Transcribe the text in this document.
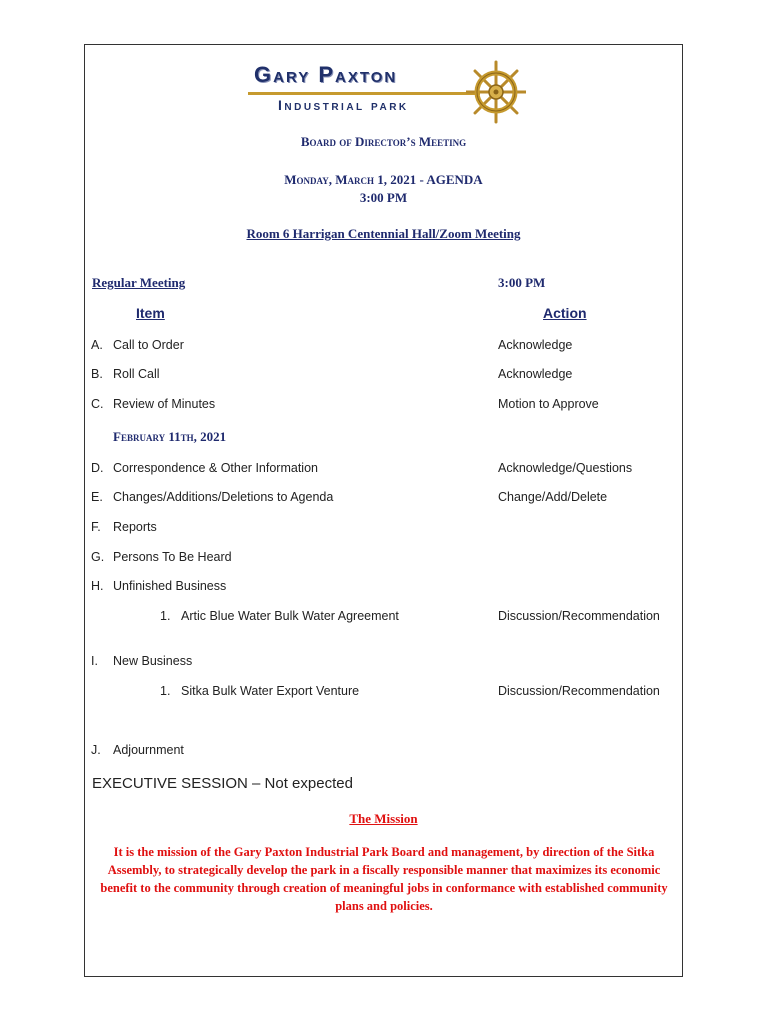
Gary Paxton
Industrial park
Board of Director’s Meeting
Monday, March 1, 2021 - AGENDA
3:00 PM
Room 6 Harrigan Centennial Hall/Zoom Meeting
Regular Meeting	3:00 PM
Item	Action
A. Call to Order	Acknowledge
B. Roll Call	Acknowledge
C. Review of Minutes	Motion to Approve
February 11th, 2021
D. Correspondence & Other Information	Acknowledge/Questions
E. Changes/Additions/Deletions to Agenda	Change/Add/Delete
F. Reports
G. Persons To Be Heard
H. Unfinished Business
1. Artic Blue Water Bulk Water Agreement	Discussion/Recommendation
I. New Business
1. Sitka Bulk Water Export Venture	Discussion/Recommendation
J. Adjournment
EXECUTIVE SESSION – Not expected
The Mission
It is the mission of the Gary Paxton Industrial Park Board and management, by direction of the Sitka Assembly, to strategically develop the park in a fiscally responsible manner that maximizes its economic benefit to the community through creation of meaningful jobs in conformance with established community plans and policies.
